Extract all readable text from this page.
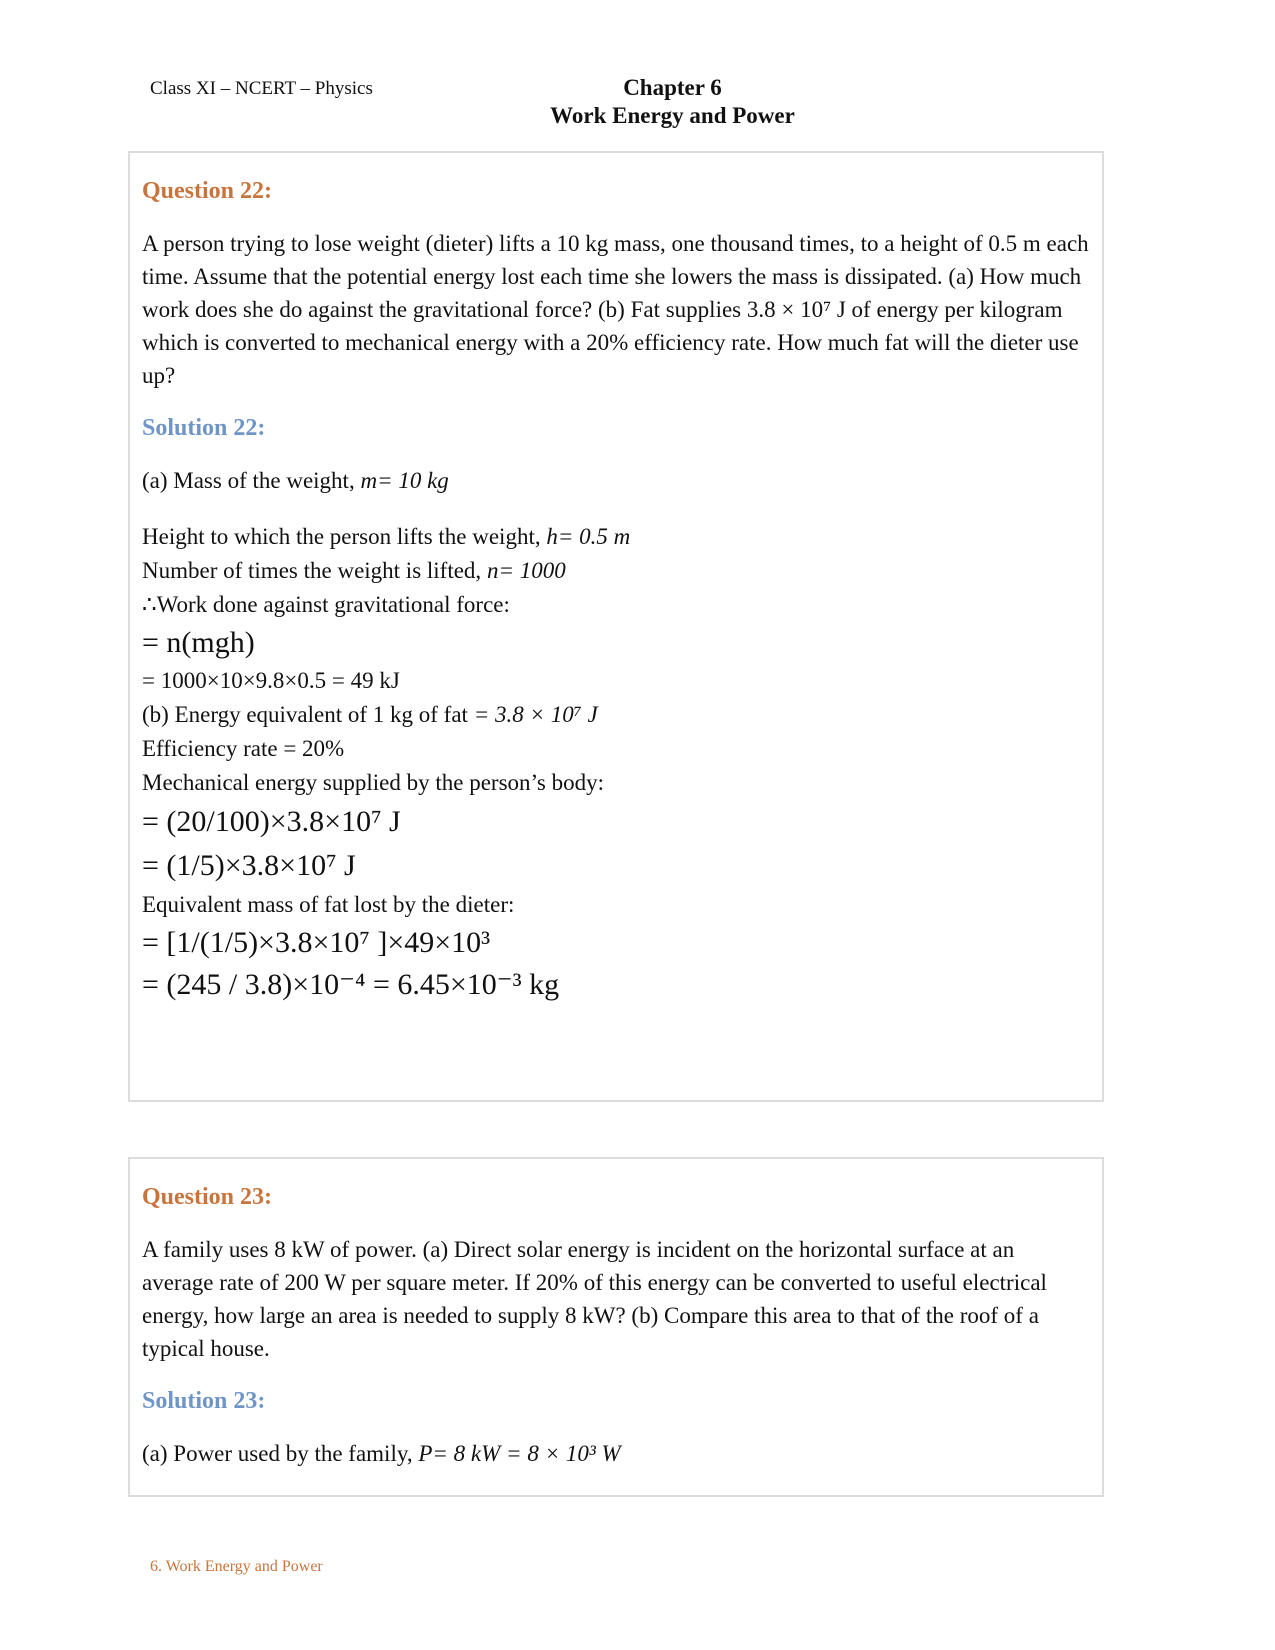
Class XI – NCERT – Physics	Chapter 6
Work Energy and Power
Question 22:

A person trying to lose weight (dieter) lifts a 10 kg mass, one thousand times, to a height of 0.5 m each time. Assume that the potential energy lost each time she lowers the mass is dissipated. (a) How much work does she do against the gravitational force? (b) Fat supplies 3.8 × 10⁷ J of energy per kilogram which is converted to mechanical energy with a 20% efficiency rate. How much fat will the dieter use up?

Solution 22:
(a) Mass of the weight, m= 10 kg
Height to which the person lifts the weight, h= 0.5 m
Number of times the weight is lifted, n= 1000
∴Work done against gravitational force:
= n(mgh)
= 1000×10×9.8×0.5 = 49 kJ
(b) Energy equivalent of 1 kg of fat = 3.8 × 10⁷ J
Efficiency rate = 20%
Mechanical energy supplied by the person’s body:
= (20/100)×3.8×10⁷ J
= (1/5)×3.8×10⁷ J
Equivalent mass of fat lost by the dieter:
= [1/(1/5)×3.8×10⁷ ]×49×10³
= (245 / 3.8)×10⁻⁴ = 6.45×10⁻³ kg
Question 23:

A family uses 8 kW of power. (a) Direct solar energy is incident on the horizontal surface at an average rate of 200 W per square meter. If 20% of this energy can be converted to useful electrical energy, how large an area is needed to supply 8 kW? (b) Compare this area to that of the roof of a typical house.

Solution 23:
(a) Power used by the family, P= 8 kW = 8 × 10³ W
6. Work Energy and Power
